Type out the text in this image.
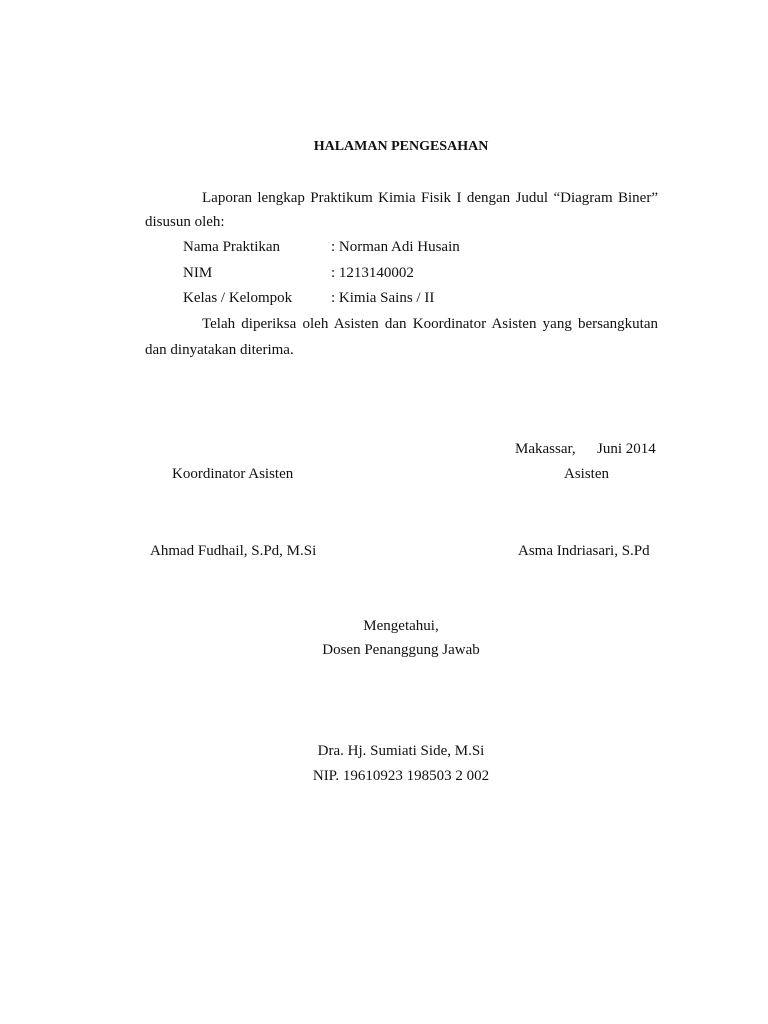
HALAMAN PENGESAHAN
Laporan lengkap Praktikum Kimia Fisik I dengan Judul “Diagram Biner”
disusun oleh:
Nama Praktikan	: Norman Adi Husain
NIM	: 1213140002
Kelas / Kelompok	: Kimia Sains / II
Telah diperiksa oleh Asisten dan Koordinator Asisten yang bersangkutan
dan dinyatakan diterima.
Makassar, Juni 2014
Koordinator Asisten	Asisten
Ahmad Fudhail, S.Pd, M.Si	Asma Indriasari, S.Pd
Mengetahui,
Dosen Penanggung Jawab
Dra. Hj. Sumiati Side, M.Si
NIP. 19610923 198503 2 002
